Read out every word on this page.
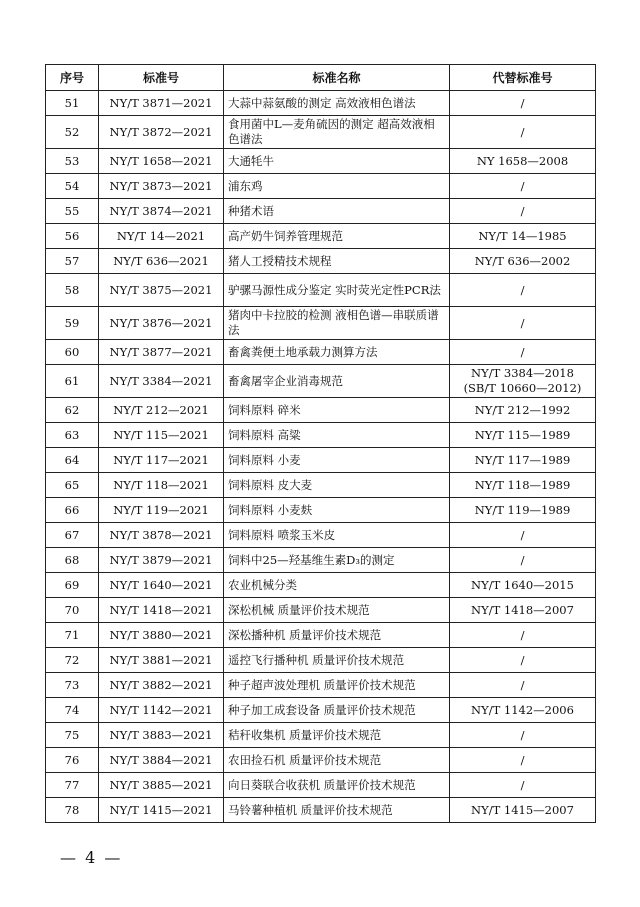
序号	标准号	标准名称	代替标准号
51	NY/T 3871—2021	大蒜中蒜氨酸的测定 高效液相色谱法	/
52	NY/T 3872—2021	食用菌中L—麦角硫因的测定 超高效液相色谱法	/
53	NY/T 1658—2021	大通牦牛	NY 1658—2008
54	NY/T 3873—2021	浦东鸡	/
55	NY/T 3874—2021	种猪术语	/
56	NY/T 14—2021	高产奶牛饲养管理规范	NY/T 14—1985
57	NY/T 636—2021	猪人工授精技术规程	NY/T 636—2002
58	NY/T 3875—2021	驴骡马源性成分鉴定 实时荧光定性PCR法	/
59	NY/T 3876—2021	猪肉中卡拉胶的检测 液相色谱—串联质谱法	/
60	NY/T 3877—2021	畜禽粪便土地承载力测算方法	/
61	NY/T 3384—2021	畜禽屠宰企业消毒规范	NY/T 3384—2018 (SB/T 10660—2012)
62	NY/T 212—2021	饲料原料 碎米	NY/T 212—1992
63	NY/T 115—2021	饲料原料 高粱	NY/T 115—1989
64	NY/T 117—2021	饲料原料 小麦	NY/T 117—1989
65	NY/T 118—2021	饲料原料 皮大麦	NY/T 118—1989
66	NY/T 119—2021	饲料原料 小麦麸	NY/T 119—1989
67	NY/T 3878—2021	饲料原料 喷浆玉米皮	/
68	NY/T 3879—2021	饲料中25—羟基维生素D₃的测定	/
69	NY/T 1640—2021	农业机械分类	NY/T 1640—2015
70	NY/T 1418—2021	深松机械 质量评价技术规范	NY/T 1418—2007
71	NY/T 3880—2021	深松播种机 质量评价技术规范	/
72	NY/T 3881—2021	遥控飞行播种机 质量评价技术规范	/
73	NY/T 3882—2021	种子超声波处理机 质量评价技术规范	/
74	NY/T 1142—2021	种子加工成套设备 质量评价技术规范	NY/T 1142—2006
75	NY/T 3883—2021	秸秆收集机 质量评价技术规范	/
76	NY/T 3884—2021	农田捡石机 质量评价技术规范	/
77	NY/T 3885—2021	向日葵联合收获机 质量评价技术规范	/
78	NY/T 1415—2021	马铃薯种植机 质量评价技术规范	NY/T 1415—2007
— 4 —
